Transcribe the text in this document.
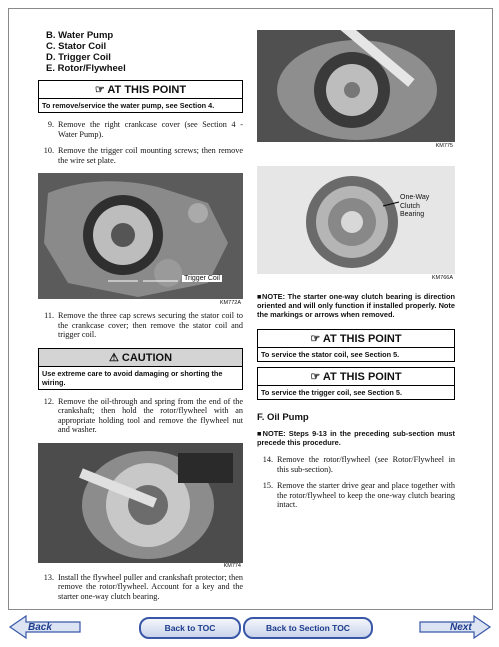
B. Water Pump
C. Stator Coil
D. Trigger Coil
E. Rotor/Flywheel
☞ AT THIS POINT
To remove/service the water pump, see Section 4.
9. Remove the right crankcase cover (see Section 4 - Water Pump).
10. Remove the trigger coil mounting screws; then remove the wire set plate.
Trigger Coil
KM772A
11. Remove the three cap screws securing the stator coil to the crankcase cover; then remove the stator coil and trigger coil.
⚠ CAUTION
Use extreme care to avoid damaging or shorting the wiring.
12. Remove the oil-through and spring from the end of the crankshaft; then hold the rotor/flywheel with an appropriate holding tool and remove the flywheel nut and washer.
KM774
13. Install the flywheel puller and crankshaft protector; then remove the rotor/flywheel. Account for a key and the starter one-way clutch bearing.
KM775
One-Way Clutch Bearing
KM766A
■NOTE: The starter one-way clutch bearing is direction oriented and will only function if installed properly. Note the markings or arrows when removed.
☞ AT THIS POINT
To service the stator coil, see Section 5.
☞ AT THIS POINT
To service the trigger coil, see Section 5.
F. Oil Pump
■NOTE: Steps 9-13 in the preceding sub-section must precede this procedure.
14. Remove the rotor/flywheel (see Rotor/Flywheel in this sub-section).
15. Remove the starter drive gear and place together with the rotor/flywheel to keep the one-way clutch bearing intact.
Back	Back to TOC	Back to Section TOC	Next
